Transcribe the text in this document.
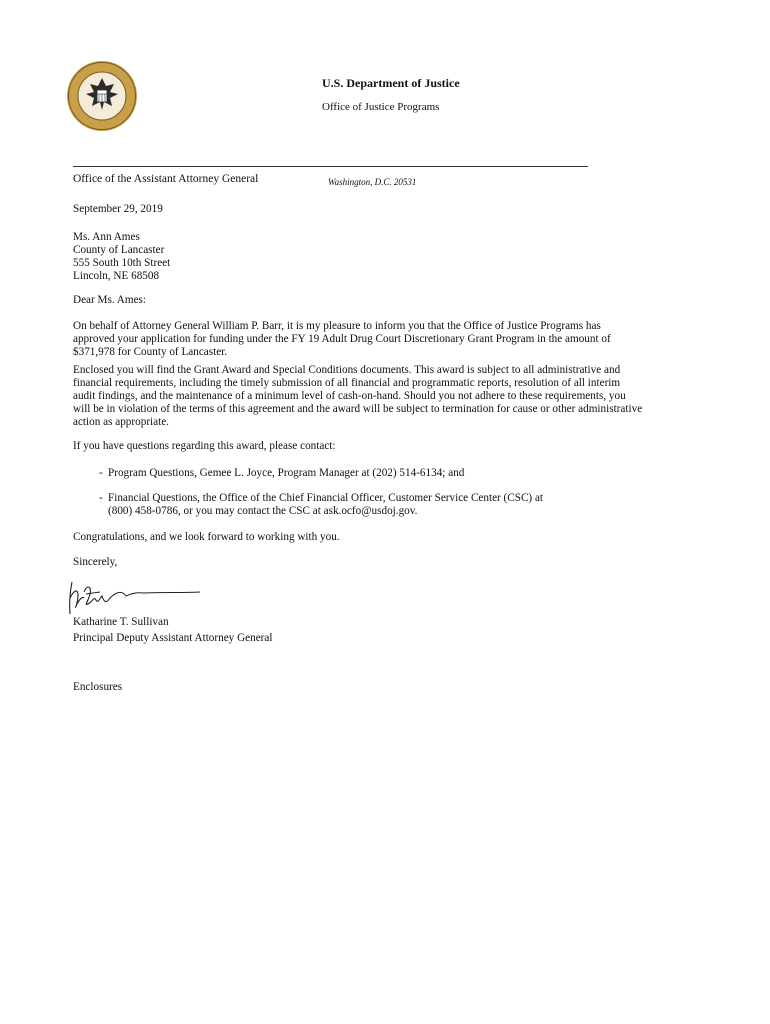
U.S. Department of Justice
Office of Justice Programs
Office of the Assistant Attorney General	Washington, D.C. 20531
September 29, 2019
Ms. Ann Ames
County of Lancaster
555 South 10th Street
Lincoln, NE 68508
Dear Ms. Ames:
On behalf of Attorney General William P. Barr, it is my pleasure to inform you that the Office of Justice Programs has
approved your application for funding under the FY 19 Adult Drug Court Discretionary Grant Program in the amount of
$371,978 for County of Lancaster.
Enclosed you will find the Grant Award and Special Conditions documents. This award is subject to all administrative and
financial requirements, including the timely submission of all financial and programmatic reports, resolution of all interim
audit findings, and the maintenance of a minimum level of cash-on-hand. Should you not adhere to these requirements, you
will be in violation of the terms of this agreement and the award will be subject to termination for cause or other administrative
action as appropriate.
If you have questions regarding this award, please contact:
- Program Questions, Gemee L. Joyce, Program Manager at (202) 514-6134; and
- Financial Questions, the Office of the Chief Financial Officer, Customer Service Center (CSC) at
(800) 458-0786, or you may contact the CSC at ask.ocfo@usdoj.gov.
Congratulations, and we look forward to working with you.
Sincerely,
Katharine T. Sullivan
Principal Deputy Assistant Attorney General
Enclosures
